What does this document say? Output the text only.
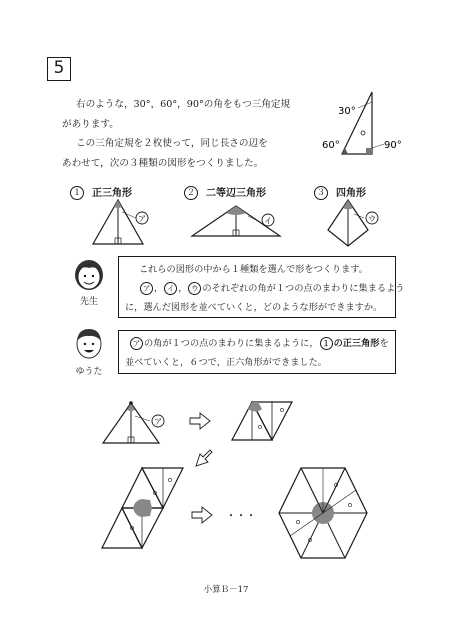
5

右のような，30°，60°，90°の角をもつ三角定規

があります。

この三角定規を２枚使って，同じ長さの辺を

あわせて，次の３種類の図形をつくりました。

30°
60°	90°
１ 正三角形	２ 二等辺三角形	３ 四角形
ア	イ	ウ
先生

これらの図形の中から１種類を選んで形をつくります。

ア ， イ ， ウ のそれぞれの角が１つの点のまわりに集まるよう

に，選んだ図形を並べていくと，どのような形ができますか。

ゆうた

ア の角が１つの点のまわりに集まるように， １ の正三角形を

並べていくと，６つで，正六角形ができました。

ア
・・・
小算Ｂ－17
